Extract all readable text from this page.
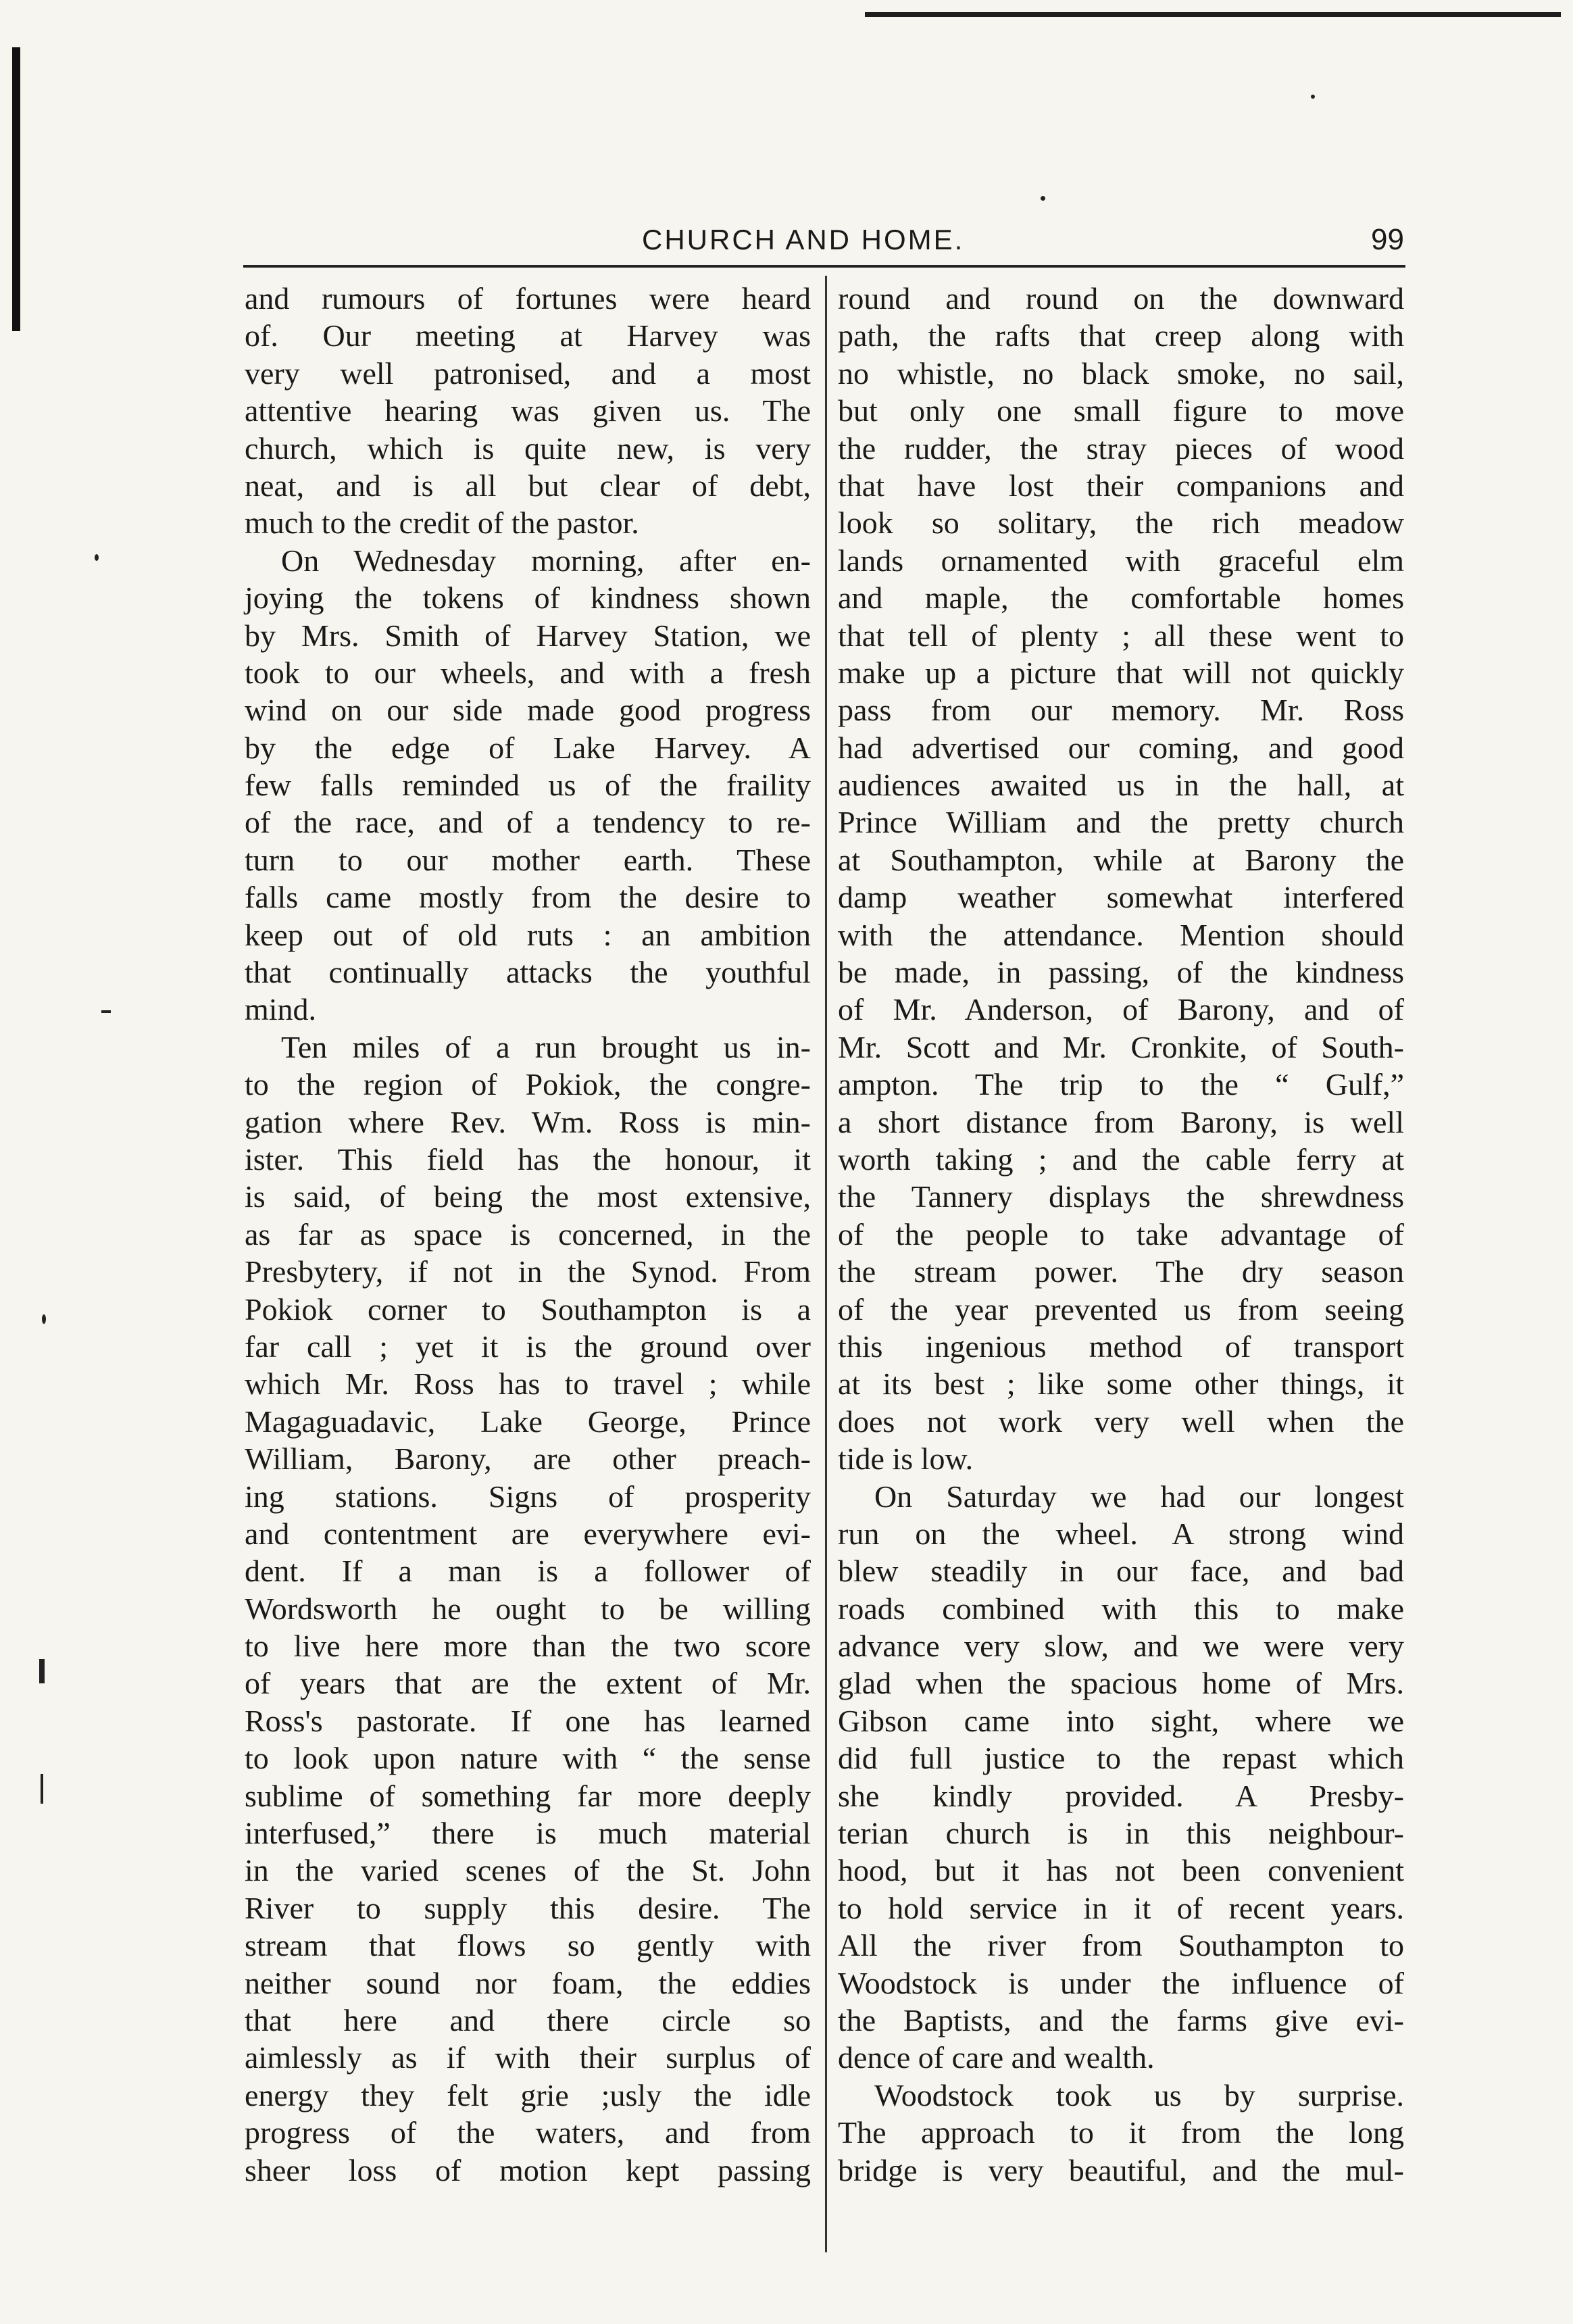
CHURCH AND HOME.	99
and rumours of fortunes were heard
of. Our meeting at Harvey was
very well patronised, and a most
attentive hearing was given us. The
church, which is quite new, is very
neat, and is all but clear of debt,
much to the credit of the pastor.
On Wednesday morning, after en-
joying the tokens of kindness shown
by Mrs. Smith of Harvey Station, we
took to our wheels, and with a fresh
wind on our side made good progress
by the edge of Lake Harvey. A
few falls reminded us of the fraility
of the race, and of a tendency to re-
turn to our mother earth. These
falls came mostly from the desire to
keep out of old ruts : an ambition
that continually attacks the youthful
mind.
Ten miles of a run brought us in-
to the region of Pokiok, the congre-
gation where Rev. Wm. Ross is min-
ister. This field has the honour, it
is said, of being the most extensive,
as far as space is concerned, in the
Presbytery, if not in the Synod. From
Pokiok corner to Southampton is a
far call ; yet it is the ground over
which Mr. Ross has to travel ; while
Magaguadavic, Lake George, Prince
William, Barony, are other preach-
ing stations. Signs of prosperity
and contentment are everywhere evi-
dent. If a man is a follower of
Wordsworth he ought to be willing
to live here more than the two score
of years that are the extent of Mr.
Ross's pastorate. If one has learned
to look upon nature with “ the sense
sublime of something far more deeply
interfused,” there is much material
in the varied scenes of the St. John
River to supply this desire. The
stream that flows so gently with
neither sound nor foam, the eddies
that here and there circle so
aimlessly as if with their surplus of
energy they felt grie ;usly the idle
progress of the waters, and from
sheer loss of motion kept passing
round and round on the downward
path, the rafts that creep along with
no whistle, no black smoke, no sail,
but only one small figure to move
the rudder, the stray pieces of wood
that have lost their companions and
look so solitary, the rich meadow
lands ornamented with graceful elm
and maple, the comfortable homes
that tell of plenty ; all these went to
make up a picture that will not quickly
pass from our memory. Mr. Ross
had advertised our coming, and good
audiences awaited us in the hall, at
Prince William and the pretty church
at Southampton, while at Barony the
damp weather somewhat interfered
with the attendance. Mention should
be made, in passing, of the kindness
of Mr. Anderson, of Barony, and of
Mr. Scott and Mr. Cronkite, of South-
ampton. The trip to the “ Gulf,”
a short distance from Barony, is well
worth taking ; and the cable ferry at
the Tannery displays the shrewdness
of the people to take advantage of
the stream power. The dry season
of the year prevented us from seeing
this ingenious method of transport
at its best ; like some other things, it
does not work very well when the
tide is low.
On Saturday we had our longest
run on the wheel. A strong wind
blew steadily in our face, and bad
roads combined with this to make
advance very slow, and we were very
glad when the spacious home of Mrs.
Gibson came into sight, where we
did full justice to the repast which
she kindly provided. A Presby-
terian church is in this neighbour-
hood, but it has not been convenient
to hold service in it of recent years.
All the river from Southampton to
Woodstock is under the influence of
the Baptists, and the farms give evi-
dence of care and wealth.
Woodstock took us by surprise.
The approach to it from the long
bridge is very beautiful, and the mul-
